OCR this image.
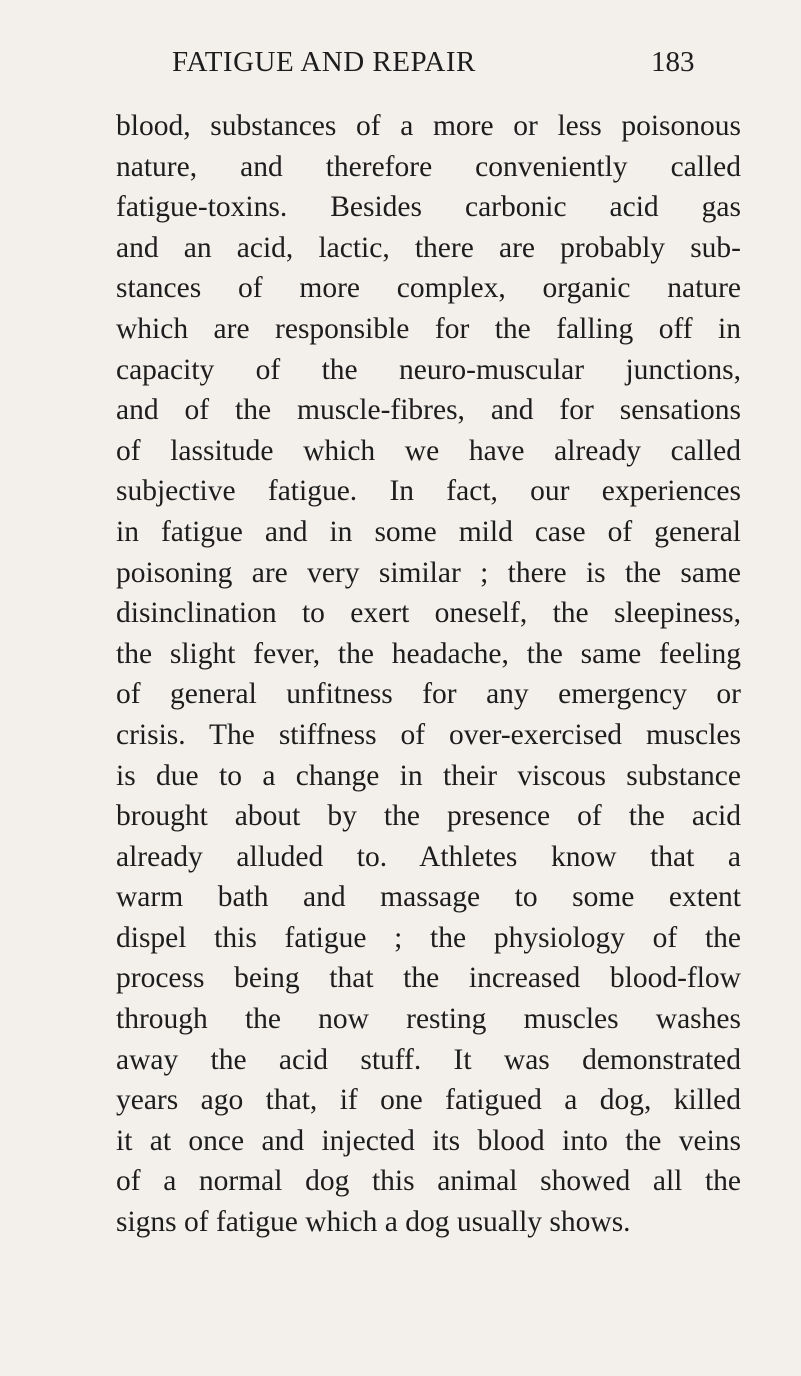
FATIGUE AND REPAIR	183
blood, substances of a more or less poisonous
nature, and therefore conveniently called
fatigue-toxins. Besides carbonic acid gas
and an acid, lactic, there are probably sub-
stances of more complex, organic nature
which are responsible for the falling off in
capacity of the neuro-muscular junctions,
and of the muscle-fibres, and for sensations
of lassitude which we have already called
subjective fatigue. In fact, our experiences
in fatigue and in some mild case of general
poisoning are very similar ; there is the same
disinclination to exert oneself, the sleepiness,
the slight fever, the headache, the same feeling
of general unfitness for any emergency or
crisis. The stiffness of over-exercised muscles
is due to a change in their viscous substance
brought about by the presence of the acid
already alluded to. Athletes know that a
warm bath and massage to some extent
dispel this fatigue ; the physiology of the
process being that the increased blood-flow
through the now resting muscles washes
away the acid stuff. It was demonstrated
years ago that, if one fatigued a dog, killed
it at once and injected its blood into the veins
of a normal dog this animal showed all the
signs of fatigue which a dog usually shows.
